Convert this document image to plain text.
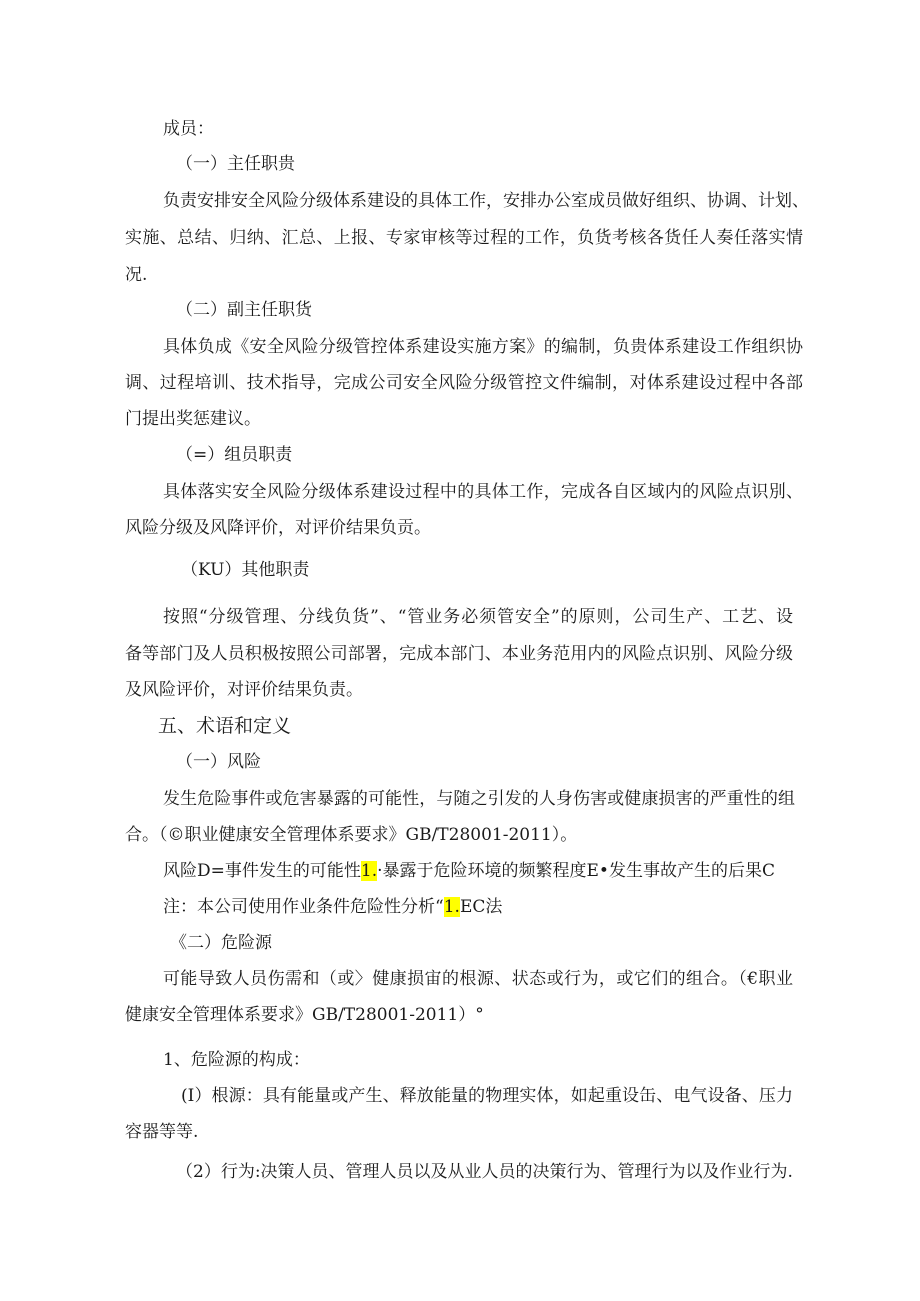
成员：
（一）主任职贵
负责安排安全风险分级体系建设的具体工作，安排办公室成员做好组织、协调、计划、
实施、总结、归纳、汇总、上报、专家审核等过程的工作，负货考核各货任人奏任落实情
况.
（二）副主任职货
具体负成《安全风险分级管控体系建设实施方案》的编制，负贵体系建设工作组织协
调、过程培训、技术指导，完成公司安全风险分级管控文件编制，对体系建设过程中各部
门提出奖惩建议。
（=）组员职责
具体落实安全风险分级体系建设过程中的具体工作，完成各自区域内的风险点识別、
风险分级及风降评价，对评价结果负贡。
（KU）其他职责
按照“分级管理、分线负货”、“管业务必须管安全”的原则，公司生产、工艺、设
备等部门及人员积极按照公司部署，完成本部门、本业务范用内的风险点识别、风险分级
及风险评价，对评价结果负责。
五、术语和定义
（一）风险
发生危险事件或危害暴露的可能性，与随之引发的人身伤害或健康损害的严重性的组
合。（©职业健康安全管理体系要求》GB/T28001-2011）。
风险D=事件发生的可能性1.·暴露于危险环境的频繁程度E•发生事故产生的后果C
注：本公司使用作业条件危险性分析“1.EC法
《二）危险源
可能导致人员伤需和（或〉健康损宙的根源、状态或行为，或它们的组合。（€职业
健康安全管理体系要求》GB/T28001-2011）°
1、危险源的构成：
(I）根源：具有能量或产生、释放能量的物理实体，如起重设缶、电气设备、压力
容器等等.
（2）行为:决策人员、管理人员以及从业人员的决策行为、管理行为以及作业行为.
